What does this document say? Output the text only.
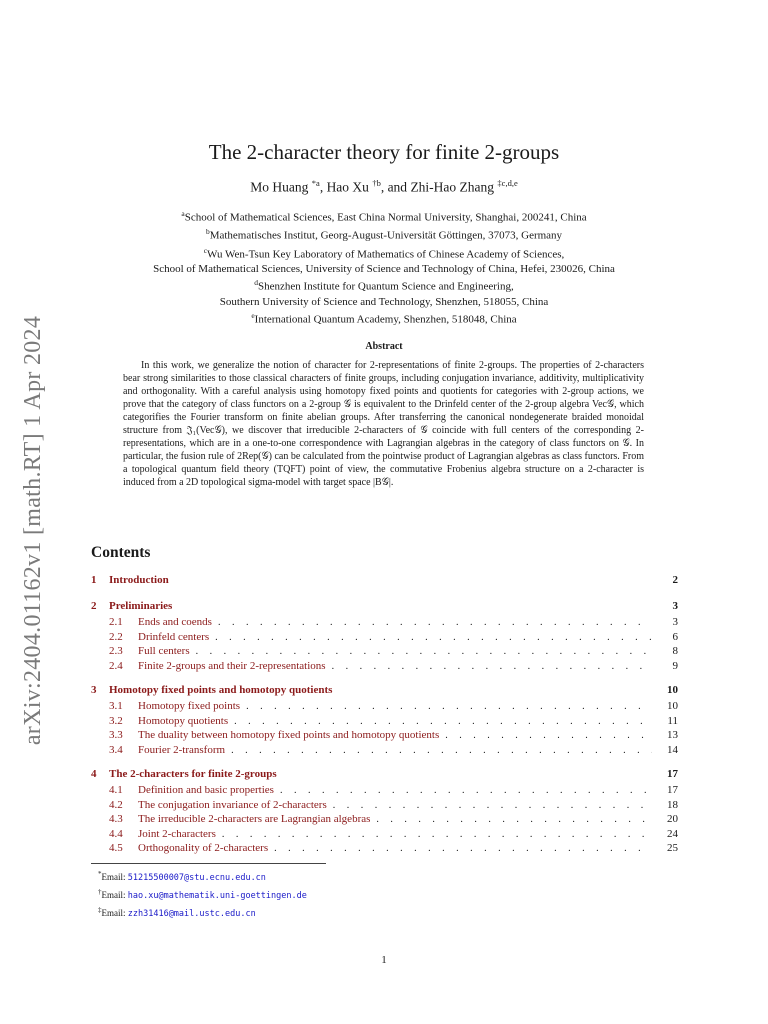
arXiv:2404.01162v1 [math.RT] 1 Apr 2024
The 2-character theory for finite 2-groups
Mo Huang $^{*a}$, Hao Xu $^{\dagger b}$, and Zhi-Hao Zhang $^{\ddagger c,d,e}$
$^a$School of Mathematical Sciences, East China Normal University, Shanghai, 200241, China
$^b$Mathematisches Institut, Georg-August-Universität Göttingen, 37073, Germany
$^c$Wu Wen-Tsun Key Laboratory of Mathematics of Chinese Academy of Sciences,
School of Mathematical Sciences, University of Science and Technology of China, Hefei, 230026, China
$^d$Shenzhen Institute for Quantum Science and Engineering,
Southern University of Science and Technology, Shenzhen, 518055, China
$^e$International Quantum Academy, Shenzhen, 518048, China
Abstract

In this work, we generalize the notion of character for 2-representations of finite 2-groups. The properties of 2-characters bear strong similarities to those classical characters of finite groups, including conjugation invariance, additivity, multiplicativity and orthogonality. With a careful analysis using homotopy fixed points and quotients for categories with 2-group actions, we prove that the category of class functors on a 2-group 𝒢 is equivalent to the Drinfeld center of the 2-group algebra Vec𝒢, which categorifies the Fourier transform on finite abelian groups. After transferring the canonical nondegenerate braided monoidal structure from 𝔍₁(Vec𝒢), we discover that irreducible 2-characters of 𝒢 coincide with full centers of the corresponding 2-representations, which are in a one-to-one correspondence with Lagrangian algebras in the category of class functors on 𝒢. In particular, the fusion rule of 2Rep(𝒢) can be calculated from the pointwise product of Lagrangian algebras as class functors. From a topological quantum field theory (TQFT) point of view, the commutative Frobenius algebra structure on a 2-character is induced from a 2D topological sigma-model with target space |B𝒢|.

Contents
1	Introduction	2
2	Preliminaries	3
2.1	Ends and coends . . .	3
2.2	Drinfeld centers . . .	6
2.3	Full centers . . .	8
2.4	Finite 2-groups and their 2-representations . . .	9
3	Homotopy fixed points and homotopy quotients	10
3.1	Homotopy fixed points . . .	10
3.2	Homotopy quotients . . .	11
3.3	The duality between homotopy fixed points and homotopy quotients . . .	13
3.4	Fourier 2-transform . . .	14
4	The 2-characters for finite 2-groups	17
4.1	Definition and basic properties . . .	17
4.2	The conjugation invariance of 2-characters . . .	18
4.3	The irreducible 2-characters are Lagrangian algebras . . .	20
4.4	Joint 2-characters . . .	24
4.5	Orthogonality of 2-characters . . .	25
*Email: 51215500007@stu.ecnu.edu.cn
†Email: hao.xu@mathematik.uni-goettingen.de
‡Email: zzh31416@mail.ustc.edu.cn
1
